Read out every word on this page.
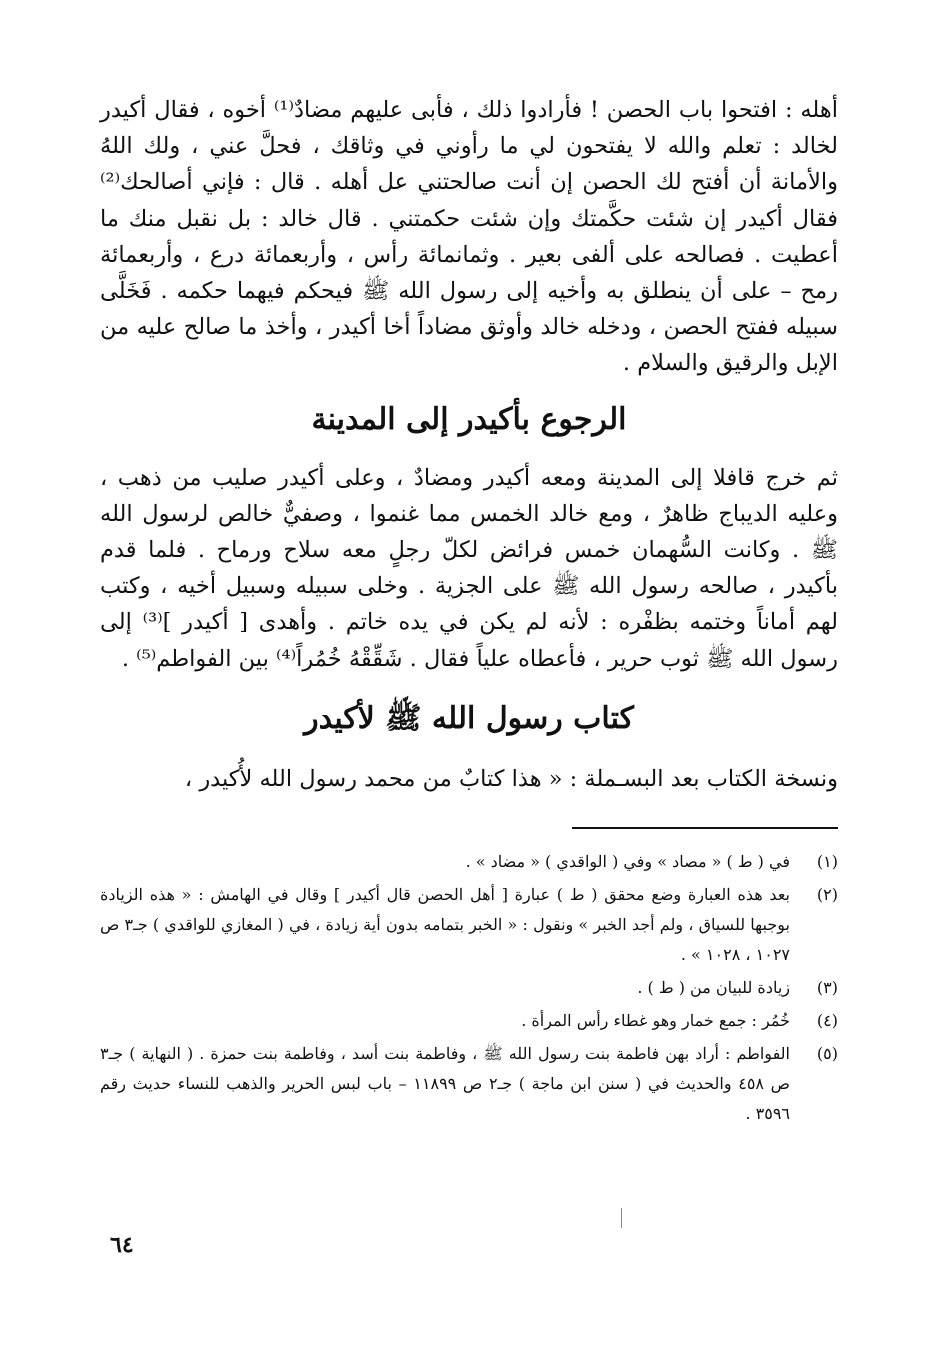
أهله : افتحوا باب الحصن ! فأرادوا ذلك ، فأبى عليهم مضادٌ⁽¹⁾ أخوه ، فقال أكيدر لخالد : تعلم والله لا يفتحون لي ما رأوني في وثاقك ، فحلَّ عني ، ولك اللهُ والأمانة أن أفتح لك الحصن إن أنت صالحتني عل أهله . قال : فإني أصالحك⁽²⁾ فقال أكيدر إن شئت حكَّمتك وإن شئت حكمتني . قال خالد : بل نقبل منك ما أعطيت . فصالحه على ألفى بعير . وثمانمائة رأس ، وأربعمائة درع ، وأربعمائة رمح – على أن ينطلق به وأخيه إلى رسول الله ﷺ فيحكم فيهما حكمه . فَخَلَّى سبيله ففتح الحصن ، ودخله خالد وأوثق مضاداً أخا أكيدر ، وأخذ ما صالح عليه من الإبل والرقيق والسلام .

الرجوع بأكيدر إلى المدينة

ثم خرج قافلا إلى المدينة ومعه أكيدر ومضادٌ ، وعلى أكيدر صليب من ذهب ، وعليه الديباج ظاهرٌ ، ومع خالد الخمس مما غنموا ، وصفيٌّ خالص لرسول الله ﷺ . وكانت السُّهمان خمس فرائض لكلّ رجلٍ معه سلاح ورماح . فلما قدم بأكيدر ، صالحه رسول الله ﷺ على الجزية . وخلى سبيله وسبيل أخيه ، وكتب لهم أماناً وختمه بظفْره : لأنه لم يكن في يده خاتم . وأهدى [ أكيدر ]⁽³⁾ إلى رسول الله ﷺ ثوب حرير ، فأعطاه علياً فقال . شَقِّقْهُ خُمُراً⁽⁴⁾ بين الفواطم⁽⁵⁾ .

كتاب رسول الله ﷺ لأكيدر

ونسخة الكتاب بعد البسـملة : « هذا كتابٌ من محمد رسول الله لأُكيدر ،

(١)
في ( ط ) « مصاد » وفي ( الواقدي ) « مضاد » .
(٢)
بعد هذه العبارة وضع محقق ( ط ) عبارة [ أهل الحصن قال أكيدر ] وقال في الهامش : « هذه الزيادة بوجبها للسياق ، ولم أجد الخبر » ونقول : « الخبر بتمامه بدون أية زيادة ، في ( المغازي للواقدي ) جـ٣ ص ١٠٢٧ ، ١٠٢٨ » .
(٣)
زيادة للبيان من ( ط ) .
(٤)
خُمُر : جمع خمار وهو غطاء رأس المرأة .
(٥)
الفواطم : أراد بهن فاطمة بنت رسول الله ﷺ ، وفاطمة بنت أسد ، وفاطمة بنت حمزة . ( النهاية ) جـ٣ ص ٤٥٨ والحديث في ( سنن ابن ماجة ) جـ٢ ص ١١٨٩٩ – باب لبس الحرير والذهب للنساء حديث رقم ٣٥٩٦ .
٦٤
